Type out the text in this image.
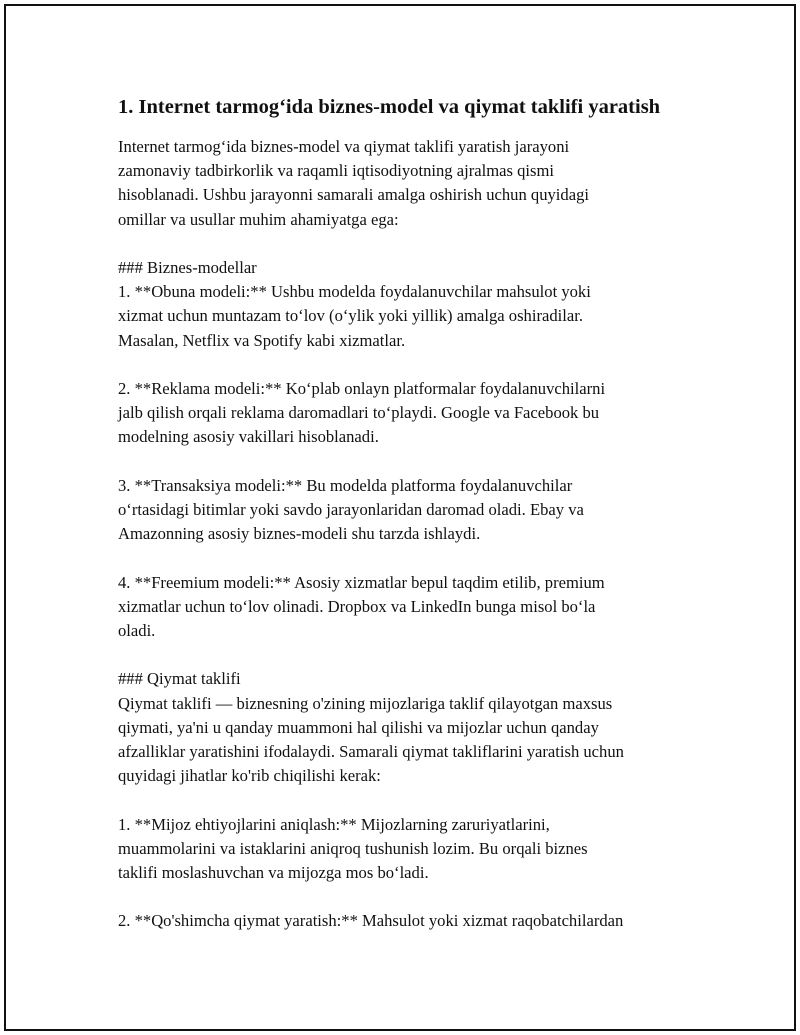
1. Internet tarmog‘ida biznes-model va qiymat taklifi yaratish
Internet tarmog‘ida biznes-model va qiymat taklifi yaratish jarayoni
zamonaviy tadbirkorlik va raqamli iqtisodiyotning ajralmas qismi
hisoblanadi. Ushbu jarayonni samarali amalga oshirish uchun quyidagi
omillar va usullar muhim ahamiyatga ega:
### Biznes-modellar
1. **Obuna modeli:** Ushbu modelda foydalanuvchilar mahsulot yoki
xizmat uchun muntazam to‘lov (o‘ylik yoki yillik) amalga oshiradilar.
Masalan, Netflix va Spotify kabi xizmatlar.
2. **Reklama modeli:** Ko‘plab onlayn platformalar foydalanuvchilarni
jalb qilish orqali reklama daromadlari to‘playdi. Google va Facebook bu
modelning asosiy vakillari hisoblanadi.
3. **Transaksiya modeli:** Bu modelda platforma foydalanuvchilar
o‘rtasidagi bitimlar yoki savdo jarayonlaridan daromad oladi. Ebay va
Amazonning asosiy biznes-modeli shu tarzda ishlaydi.
4. **Freemium modeli:** Asosiy xizmatlar bepul taqdim etilib, premium
xizmatlar uchun to‘lov olinadi. Dropbox va LinkedIn bunga misol bo‘la
oladi.
### Qiymat taklifi
Qiymat taklifi — biznesning o'zining mijozlariga taklif qilayotgan maxsus
qiymati, ya'ni u qanday muammoni hal qilishi va mijozlar uchun qanday
afzalliklar yaratishini ifodalaydi. Samarali qiymat takliflarini yaratish uchun
quyidagi jihatlar ko'rib chiqilishi kerak:
1. **Mijoz ehtiyojlarini aniqlash:** Mijozlarning zaruriyatlarini,
muammolarini va istaklarini aniqroq tushunish lozim. Bu orqali biznes
taklifi moslashuvchan va mijozga mos bo‘ladi.
2. **Qo'shimcha qiymat yaratish:** Mahsulot yoki xizmat raqobatchilardan
